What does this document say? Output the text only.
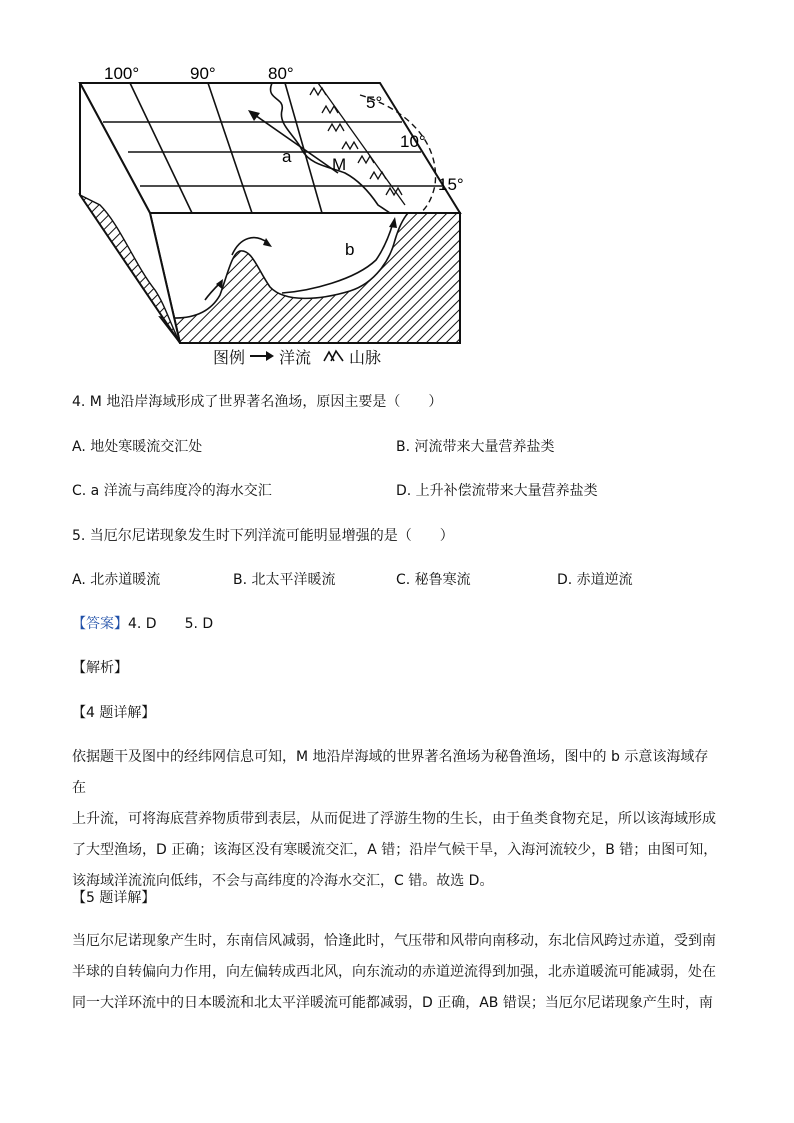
100°	90°	80°
5°
10°
15°
a M
b
图例 洋流 山脉
4. M 地沿岸海域形成了世界著名渔场，原因主要是（　　）
A. 地处寒暖流交汇处	B. 河流带来大量营养盐类
C. a 洋流与高纬度冷的海水交汇	D. 上升补偿流带来大量营养盐类
5. 当厄尔尼诺现象发生时下列洋流可能明显增强的是（　　）
A. 北赤道暖流	B. 北太平洋暖流	C. 秘鲁寒流	D. 赤道逆流
【答案】4. D　　5. D
【解析】
【4 题详解】
依据题干及图中的经纬网信息可知，M 地沿岸海域的世界著名渔场为秘鲁渔场，图中的 b 示意该海域存在
上升流，可将海底营养物质带到表层，从而促进了浮游生物的生长，由于鱼类食物充足，所以该海域形成
了大型渔场，D 正确；该海区没有寒暖流交汇，A 错；沿岸气候干旱，入海河流较少，B 错；由图可知，
该海域洋流流向低纬，不会与高纬度的冷海水交汇，C 错。故选 D。
【5 题详解】
当厄尔尼诺现象产生时，东南信风减弱，恰逢此时，气压带和风带向南移动，东北信风跨过赤道，受到南
半球的自转偏向力作用，向左偏转成西北风，向东流动的赤道逆流得到加强，北赤道暖流可能减弱，处在
同一大洋环流中的日本暖流和北太平洋暖流可能都减弱，D 正确，AB 错误；当厄尔尼诺现象产生时，南
